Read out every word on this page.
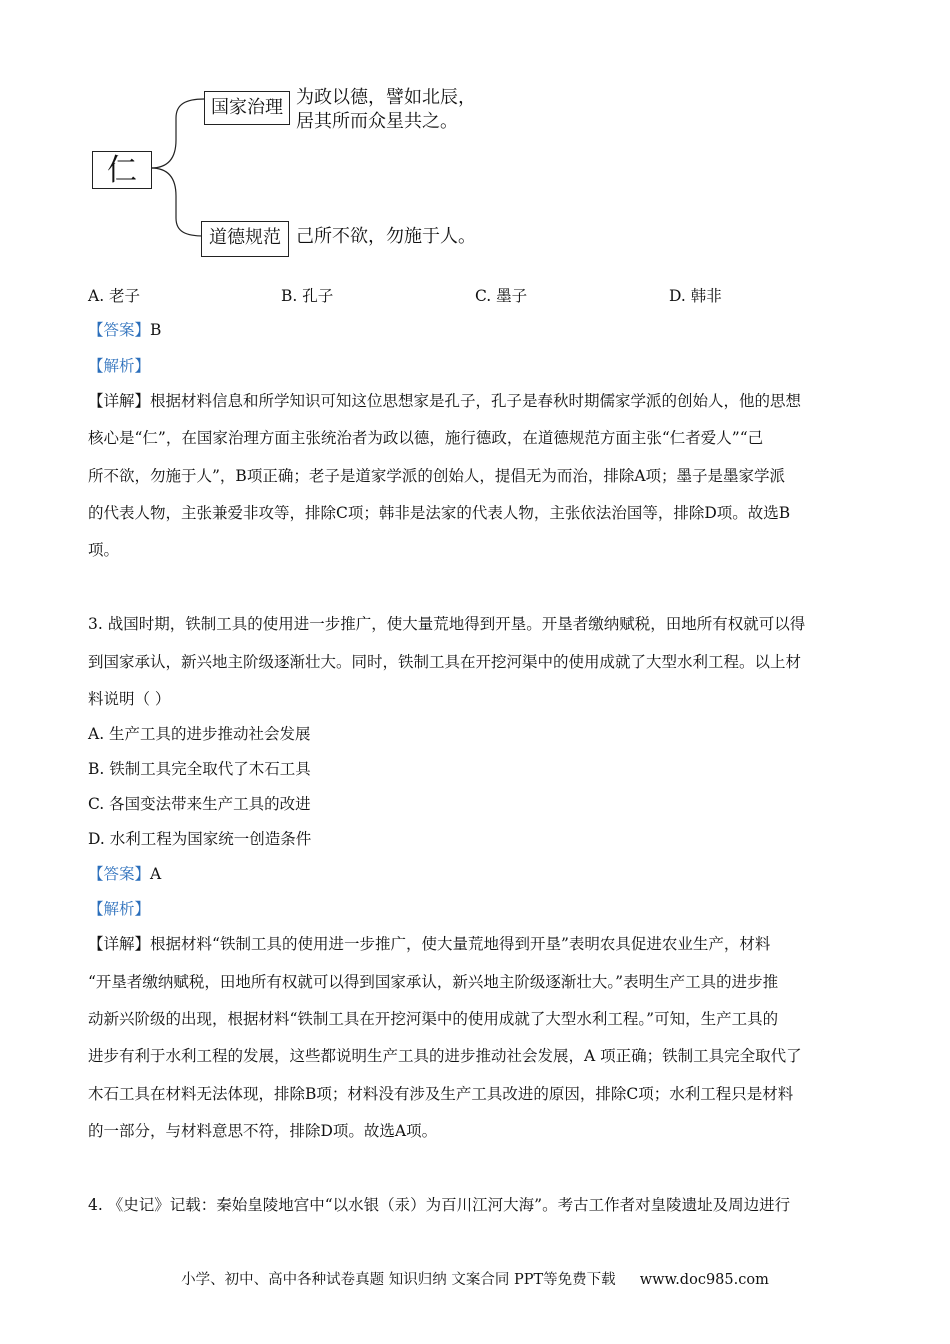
仁
国家治理 为政以德，譬如北辰，
居其所而众星共之。
道德规范 己所不欲，勿施于人。
A. 老子	B. 孔子	C. 墨子	D. 韩非
【答案】B
【解析】
【详解】根据材料信息和所学知识可知这位思想家是孔子，孔子是春秋时期儒家学派的创始人，他的思想
核心是“仁”，在国家治理方面主张统治者为政以德，施行德政，在道德规范方面主张“仁者爱人”“己
所不欲，勿施于人”，B项正确；老子是道家学派的创始人，提倡无为而治，排除A项；墨子是墨家学派
的代表人物，主张兼爱非攻等，排除C项；韩非是法家的代表人物，主张依法治国等，排除D项。故选B
项。
3. 战国时期，铁制工具的使用进一步推广，使大量荒地得到开垦。开垦者缴纳赋税，田地所有权就可以得
到国家承认，新兴地主阶级逐渐壮大。同时，铁制工具在开挖河渠中的使用成就了大型水利工程。以上材
料说明（ ）
A. 生产工具的进步推动社会发展
B. 铁制工具完全取代了木石工具
C. 各国变法带来生产工具的改进
D. 水利工程为国家统一创造条件
【答案】A
【解析】
【详解】根据材料“铁制工具的使用进一步推广，使大量荒地得到开垦”表明农具促进农业生产，材料
“开垦者缴纳赋税，田地所有权就可以得到国家承认，新兴地主阶级逐渐壮大。”表明生产工具的进步推
动新兴阶级的出现，根据材料“铁制工具在开挖河渠中的使用成就了大型水利工程。”可知，生产工具的
进步有利于水利工程的发展，这些都说明生产工具的进步推动社会发展，A 项正确；铁制工具完全取代了
木石工具在材料无法体现，排除B项；材料没有涉及生产工具改进的原因，排除C项；水利工程只是材料
的一部分，与材料意思不符，排除D项。故选A项。
4. 《史记》记载：秦始皇陵地宫中“以水银（汞）为百川江河大海”。考古工作者对皇陵遗址及周边进行
小学、初中、高中各种试卷真题 知识归纳 文案合同 PPT等免费下载 www.doc985.com
